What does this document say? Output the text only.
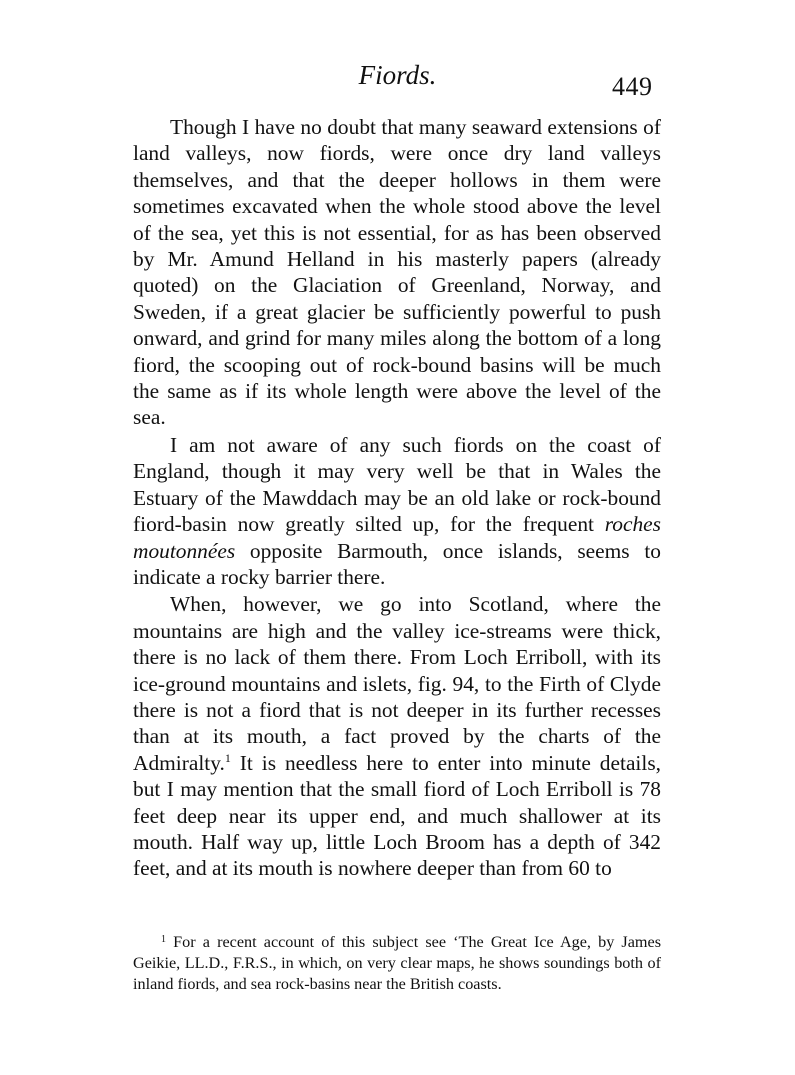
Fiords.	449

Though I have no doubt that many seaward extensions of land valleys, now fiords, were once dry land valleys themselves, and that the deeper hollows in them were sometimes excavated when the whole stood above the level of the sea, yet this is not essential, for as has been observed by Mr. Amund Helland in his masterly papers (already quoted) on the Glaciation of Greenland, Norway, and Sweden, if a great glacier be sufficiently powerful to push onward, and grind for many miles along the bottom of a long fiord, the scooping out of rock-bound basins will be much the same as if its whole length were above the level of the sea.

I am not aware of any such fiords on the coast of England, though it may very well be that in Wales the Estuary of the Mawddach may be an old lake or rock-bound fiord-basin now greatly silted up, for the frequent roches moutonnées opposite Barmouth, once islands, seems to indicate a rocky barrier there.

When, however, we go into Scotland, where the mountains are high and the valley ice-streams were thick, there is no lack of them there. From Loch Erriboll, with its ice-ground mountains and islets, fig. 94, to the Firth of Clyde there is not a fiord that is not deeper in its further recesses than at its mouth, a fact proved by the charts of the Admiralty.$^1$ It is needless here to enter into minute details, but I may mention that the small fiord of Loch Erriboll is 78 feet deep near its upper end, and much shallower at its mouth. Half way up, little Loch Broom has a depth of 342 feet, and at its mouth is nowhere deeper than from 60 to

$^1$ For a recent account of this subject see ‘The Great Ice Age, by James Geikie, LL.D., F.R.S., in which, on very clear maps, he shows soundings both of inland fiords, and sea rock-basins near the British coasts.
